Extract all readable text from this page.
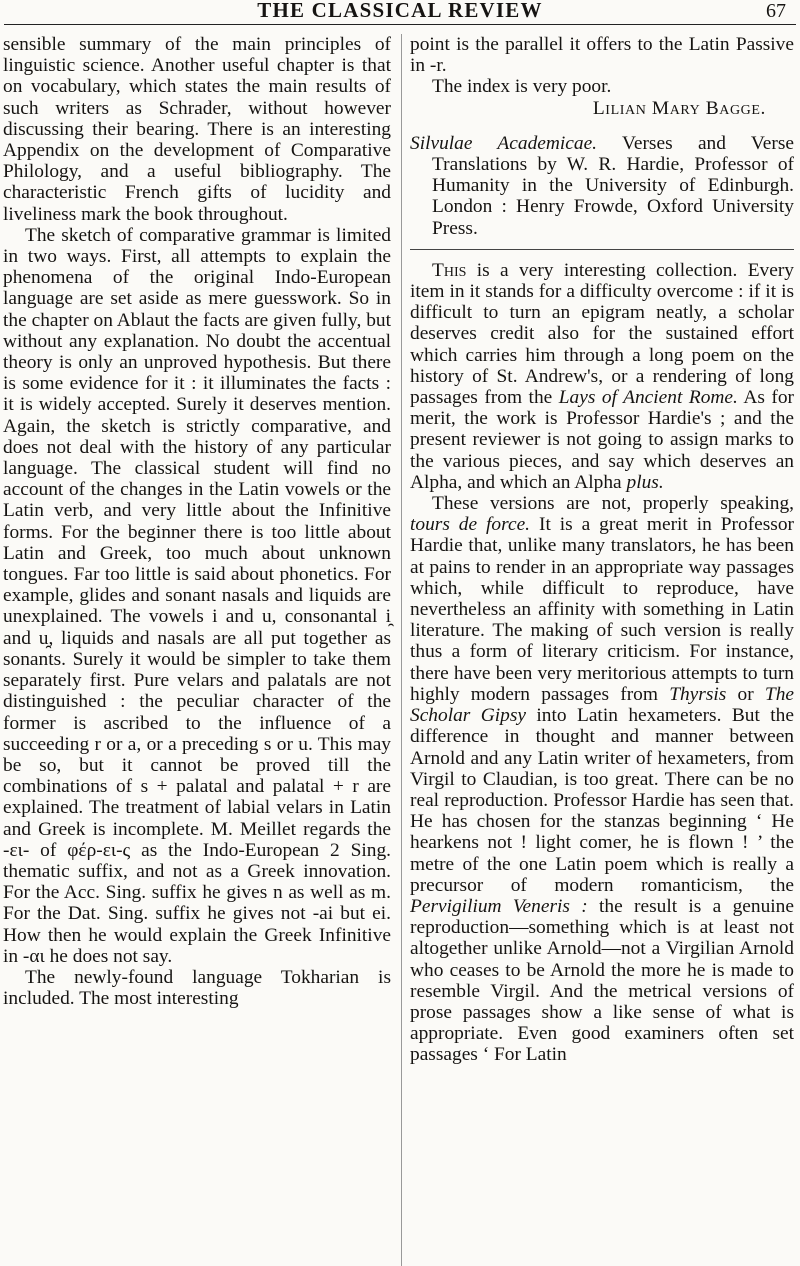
THE CLASSICAL REVIEW	67

sensible summary of the main principles of linguistic science. Another useful chapter is that on vocabulary, which states the main results of such writers as Schrader, without however discussing their bearing. There is an interesting Appendix on the development of Comparative Philology, and a useful bibliography. The characteristic French gifts of lucidity and liveliness mark the book throughout.

The sketch of comparative grammar is limited in two ways. First, all attempts to explain the phenomena of the original Indo-European language are set aside as mere guesswork. So in the chapter on Ablaut the facts are given fully, but without any explanation. No doubt the accentual theory is only an unproved hypothesis. But there is some evidence for it : it illuminates the facts : it is widely accepted. Surely it deserves mention. Again, the sketch is strictly comparative, and does not deal with the history of any particular language. The classical student will find no account of the changes in the Latin vowels or the Latin verb, and very little about the Infinitive forms. For the beginner there is too little about Latin and Greek, too much about unknown tongues. Far too little is said about phonetics. For example, glides and sonant nasals and liquids are unexplained. The vowels i and u, consonantal i̯ and u̯, liquids and nasals are all put together as sonants. Surely it would be simpler to take them separately first. Pure velars and palatals are not distinguished : the peculiar character of the former is ascribed to the influence of a succeeding r or a, or a preceding s or u. This may be so, but it cannot be proved till the combinations of s + palatal and palatal + r are explained. The treatment of labial velars in Latin and Greek is incomplete. M. Meillet regards the -ει- of φέρ-ει-ς as the Indo-European 2 Sing. thematic suffix, and not as a Greek innovation. For the Acc. Sing. suffix he gives n as well as m. For the Dat. Sing. suffix he gives not -ai but ei. How then he would explain the Greek Infinitive in -αι he does not say.

The newly-found language Tokharian is included. The most interesting

point is the parallel it offers to the Latin Passive in -r.

The index is very poor.

Lilian Mary Bagge.

Silvulae Academicae. Verses and Verse Translations by W. R. Hardie, Professor of Humanity in the University of Edinburgh. London : Henry Frowde, Oxford University Press.

This is a very interesting collection. Every item in it stands for a difficulty overcome : if it is difficult to turn an epigram neatly, a scholar deserves credit also for the sustained effort which carries him through a long poem on the history of St. Andrew's, or a rendering of long passages from the Lays of Ancient Rome. As for merit, the work is Professor Hardie's ; and the present reviewer is not going to assign marks to the various pieces, and say which deserves an Alpha, and which an Alpha plus.

These versions are not, properly speaking, tours de force. It is a great merit in Professor Hardie that, unlike many translators, he has been at pains to render in an appropriate way passages which, while difficult to reproduce, have nevertheless an affinity with something in Latin literature. The making of such version is really thus a form of literary criticism. For instance, there have been very meritorious attempts to turn highly modern passages from Thyrsis or The Scholar Gipsy into Latin hexameters. But the difference in thought and manner between Arnold and any Latin writer of hexameters, from Virgil to Claudian, is too great. There can be no real reproduction. Professor Hardie has seen that. He has chosen for the stanzas beginning ‘ He hearkens not ! light comer, he is flown ! ’ the metre of the one Latin poem which is really a precursor of modern romanticism, the Pervigilium Veneris : the result is a genuine reproduction—something which is at least not altogether unlike Arnold—not a Virgilian Arnold who ceases to be Arnold the more he is made to resemble Virgil. And the metrical versions of prose passages show a like sense of what is appropriate. Even good examiners often set passages ‘ For Latin
